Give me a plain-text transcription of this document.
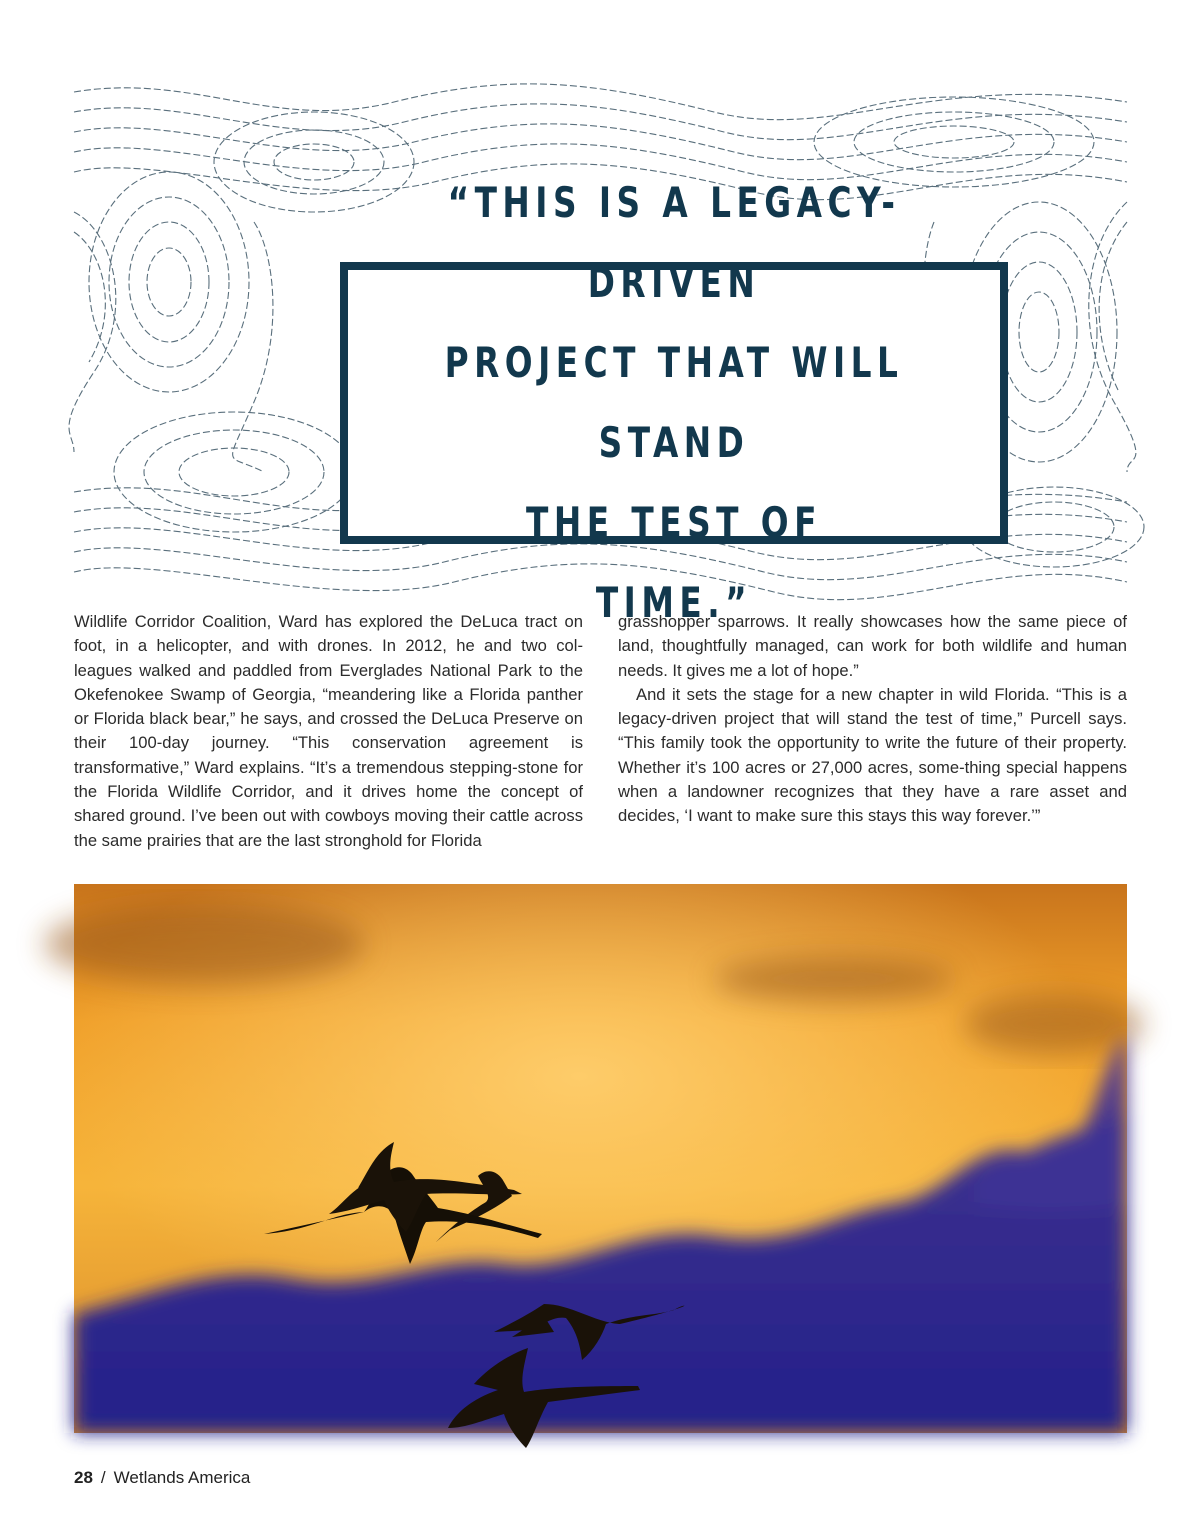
“THIS IS A LEGACY-DRIVEN
PROJECT THAT WILL STAND
THE TEST OF TIME.”

Wildlife Corridor Coalition, Ward has explored the DeLuca tract on foot, in a helicopter, and with drones. In 2012, he and two col-leagues walked and paddled from Everglades National Park to the Okefenokee Swamp of Georgia, “meandering like a Florida panther or Florida black bear,” he says, and crossed the DeLuca Preserve on their 100-day journey. “This conservation agreement is transformative,” Ward explains. “It’s a tremendous stepping-stone for the Florida Wildlife Corridor, and it drives home the concept of shared ground. I’ve been out with cowboys moving their cattle across the same prairies that are the last stronghold for Florida

grasshopper sparrows. It really showcases how the same piece of land, thoughtfully managed, can work for both wildlife and human needs. It gives me a lot of hope.”

And it sets the stage for a new chapter in wild Florida. “This is a legacy-driven project that will stand the test of time,” Purcell says. “This family took the opportunity to write the future of their property. Whether it’s 100 acres or 27,000 acres, some-thing special happens when a landowner recognizes that they have a rare asset and decides, ‘I want to make sure this stays this way forever.’”

28 / Wetlands America
